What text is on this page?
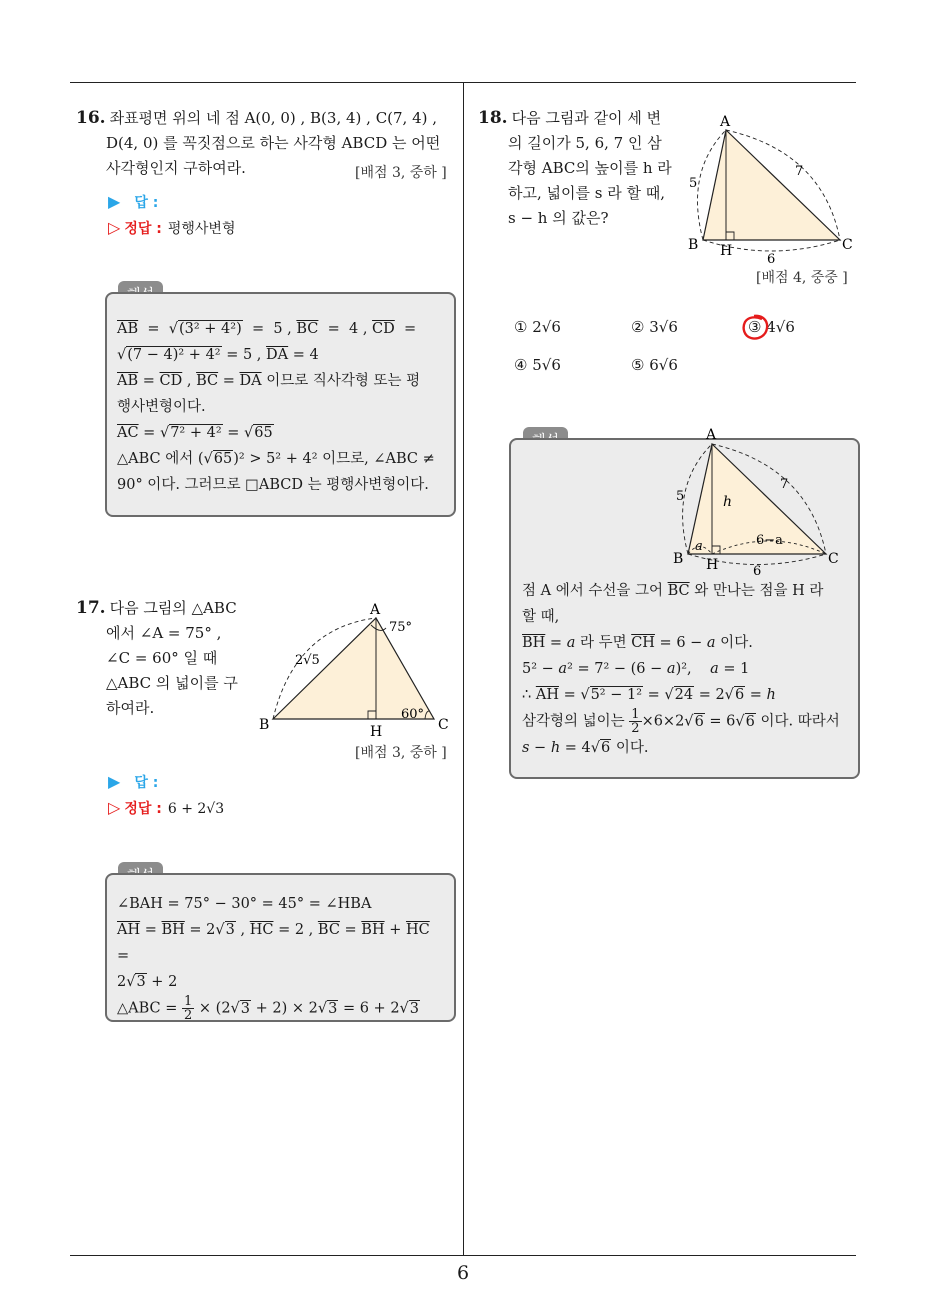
6
16. 좌표평면 위의 네 점 A(0, 0) , B(3, 4) , C(7, 4) ,
D(4, 0) 를 꼭짓점으로 하는 사각형 ABCD 는 어떤
사각형인지 구하여라.	[배점 3, 중하 ]
▶ 답 :
▷ 정답 : 평행사변형
$\overline{AB} = √(3^2 + 4^2) = 5$ , $\overline{BC} = 4$ , $\overline{CD}$  =
√(7 − 4)² + 4² = 5 , $\overline{DA} = 4$
$\overline{AB} = \overline{CD}$ , $\overline{BC} = \overline{DA}$ 이므로 직사각형 또는 평
행사변형이다.
$\overline{AC} = √7^2 + 4^2 = √65$
△ABC 에서 (√65)² > 5² + 4² 이므로, ∠ABC ≠
90° 이다. 그러므로 □ABCD 는 평행사변형이다.
17. 다음 그림의 △ABC
에서 ∠A = 75° ,
∠C = 60° 일 때
△ABC 의 넓이를 구
하여라.
A
B	C
H
75°
60°
2√5
[배점 3, 중하 ]
▶ 답 :
▷ 정답 : 6 + 2√3
∠BAH = 75° − 30° = 45° = ∠HBA
$\overline{AH} = \overline{BH} = 2√3$ , $\overline{HC} = 2$ , $\overline{BC} = \overline{BH} + \overline{HC}$ =
2√3 + 2
△ABC = $\frac{1}{2} \times (2√3 + 2) \times 2√3 = 6 + 2√3$
18. 다음 그림과 같이 세 변
의 길이가 5, 6, 7 인 삼
각형 ABC의 높이를 h 라
하고, 넓이를 s 라 할 때,
s − h 의 값은?
A
B	C
H
5
7
6
[배점 4, 중중 ]
① 2√6	② 3√6	③ 4√6
④ 5√6	⑤ 6√6
A
B	C
H
5
7
6
h
a	6−a
점 A 에서 수선을 그어 $\overline{BC}$ 와 만나는 점을 H 라
할 때,
$\overline{BH} = a$ 라 두면 $\overline{CH} = 6 - a$ 이다.
5² − a² = 7² − (6 − a)²,    a = 1
∴ $\overline{AH} = √5^2 - 1^2 = √24 = 2√6 = h$
삼각형의 넓이는 $\frac{1}{2} \times 6\times 2√6 = 6√6$ 이다. 따라서
s − h = 4√6 이다.
